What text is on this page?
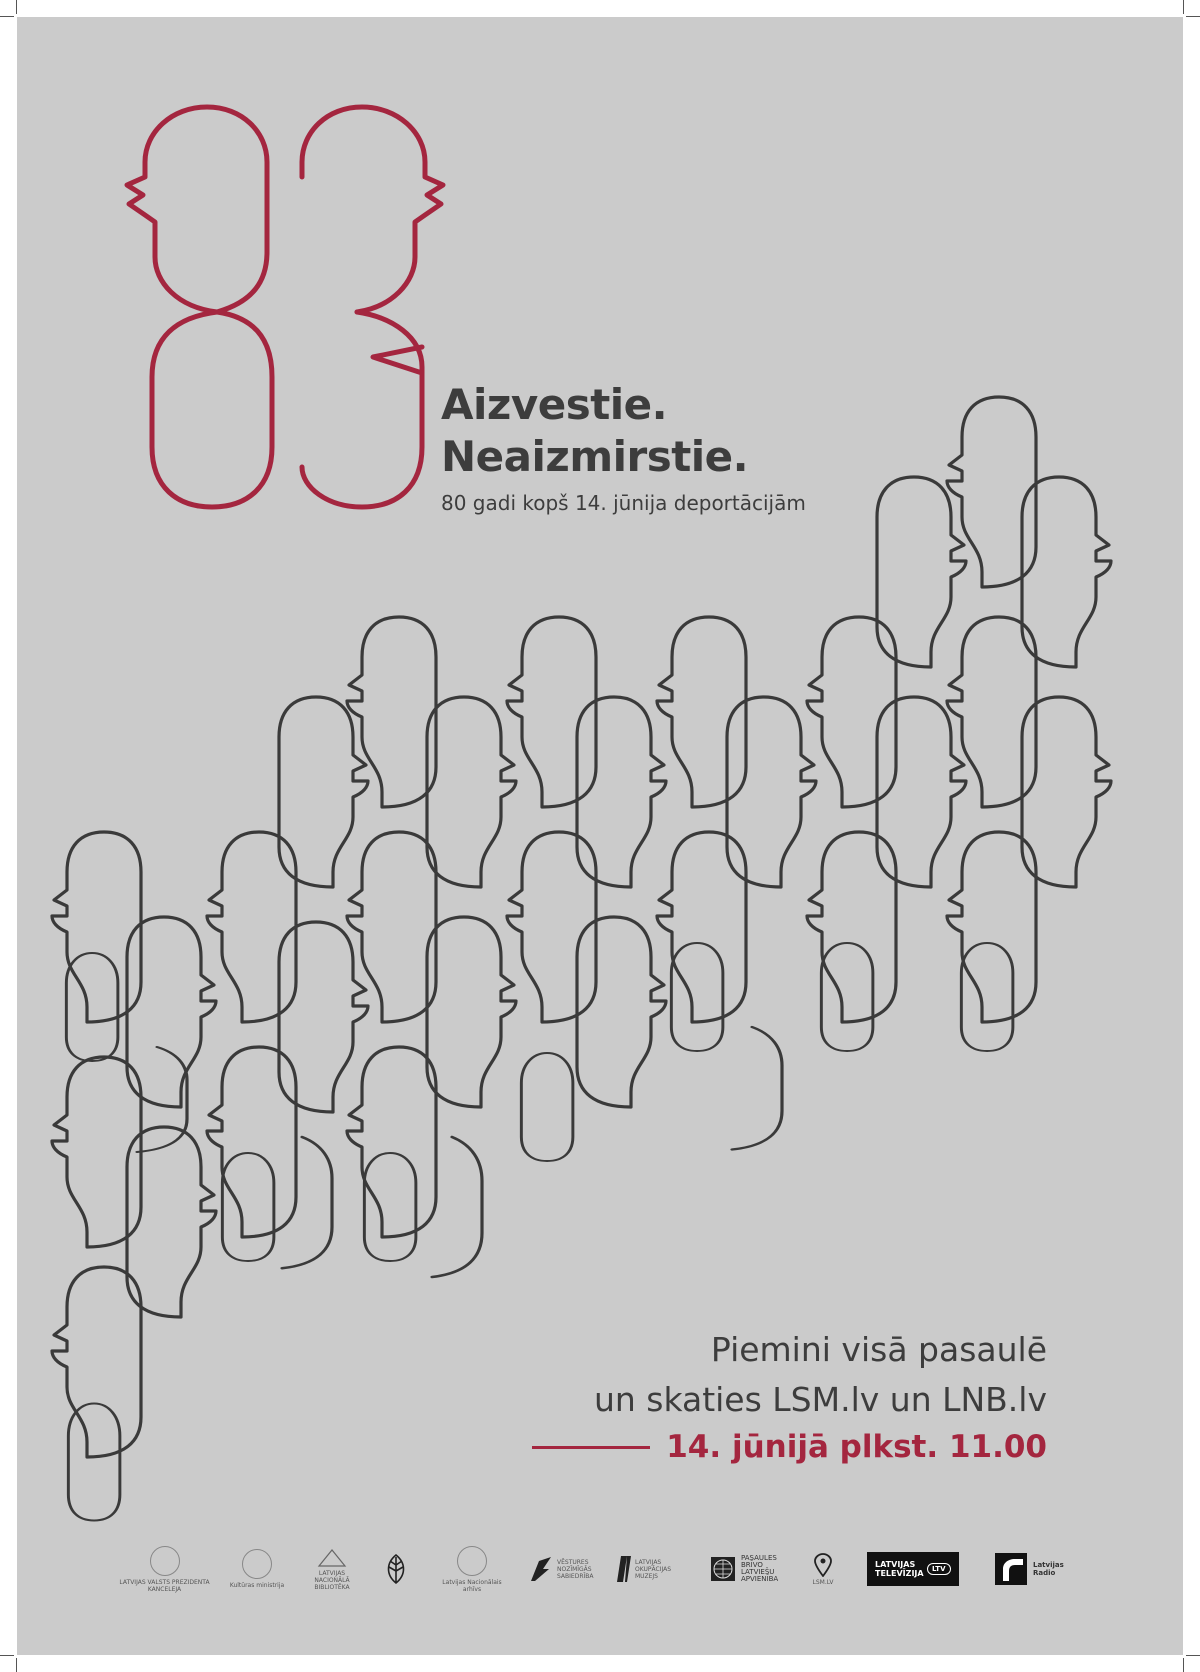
Aizvestie.
Neaizmirstie.
80 gadi kopš 14. jūnija deportācijām
Piemini visā pasaulē
un skaties LSM.lv un LNB.lv
14. jūnijā plkst. 11.00
LATVIJAS VALSTS PREZIDENTA KANCELEJA	Kultūras ministrija
LATVIJAS NACIONĀLĀ BIBLIOTĒKA
Latvijas Nacionālais arhīvs
VĒSTURES NOZĪMĪGĀS SABIEDRĪBA
LATVIJAS OKUPĀCIJAS MUZEJS
PASAULES BRĪVO LATVIEŠU APVIENĪBA	LSM.LV
LATVIJAS TELEVĪZIJA	LTV	Latvijas Radio
